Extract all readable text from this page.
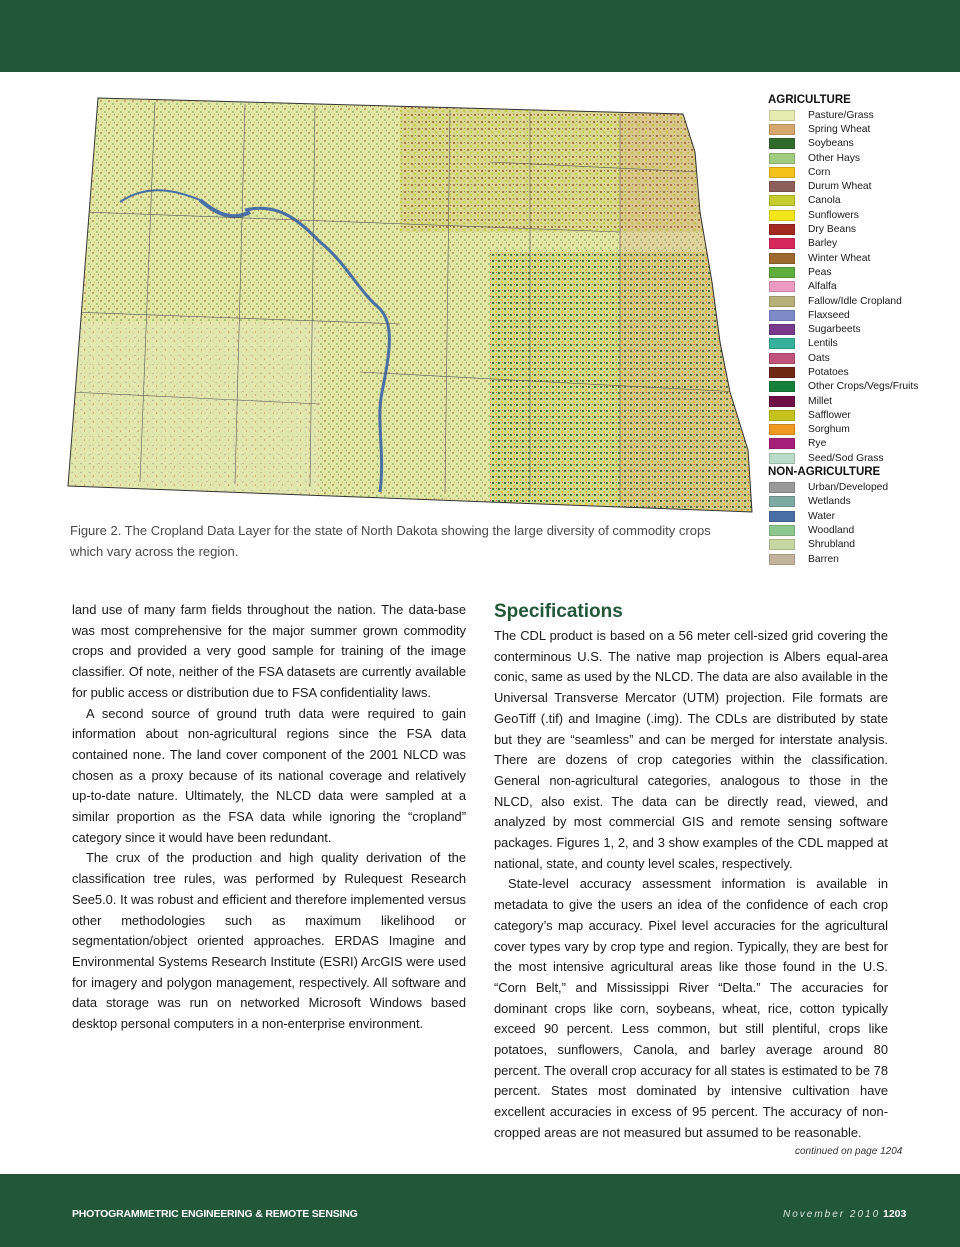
AGRICULTURE
Pasture/Grass
Spring Wheat
Soybeans
Other Hays
Corn
Durum Wheat
Canola
Sunflowers
Dry Beans
Barley
Winter Wheat
Peas
Alfalfa
Fallow/Idle Cropland
Flaxseed
Sugarbeets
Lentils
Oats
Potatoes
Other Crops/Vegs/Fruits
Millet
Safflower
Sorghum
Rye
Seed/Sod Grass
NON-AGRICULTURE
Urban/Developed
Wetlands
Water
Woodland
Shrubland
Barren
Figure 2. The Cropland Data Layer for the state of North Dakota showing the large diversity of commodity crops which vary across the region.

land use of many farm fields throughout the nation. The data-base was most comprehensive for the major summer grown commodity crops and provided a very good sample for training of the image classifier. Of note, neither of the FSA datasets are currently available for public access or distribution due to FSA confidentiality laws.

A second source of ground truth data were required to gain information about non-agricultural regions since the FSA data contained none. The land cover component of the 2001 NLCD was chosen as a proxy because of its national coverage and relatively up-to-date nature. Ultimately, the NLCD data were sampled at a similar proportion as the FSA data while ignoring the “cropland” category since it would have been redundant.

The crux of the production and high quality derivation of the classification tree rules, was performed by Rulequest Research See5.0. It was robust and efficient and therefore implemented versus other methodologies such as maximum likelihood or segmentation/object oriented approaches. ERDAS Imagine and Environmental Systems Research Institute (ESRI) ArcGIS were used for imagery and polygon management, respectively. All software and data storage was run on networked Microsoft Windows based desktop personal computers in a non-enterprise environment.

Specifications

The CDL product is based on a 56 meter cell-sized grid covering the conterminous U.S. The native map projection is Albers equal-area conic, same as used by the NLCD. The data are also available in the Universal Transverse Mercator (UTM) projection. File formats are GeoTiff (.tif) and Imagine (.img). The CDLs are distributed by state but they are “seamless” and can be merged for interstate analysis. There are dozens of crop categories within the classification. General non-agricultural categories, analogous to those in the NLCD, also exist. The data can be directly read, viewed, and analyzed by most commercial GIS and remote sensing software packages. Figures 1, 2, and 3 show examples of the CDL mapped at national, state, and county level scales, respectively.

State-level accuracy assessment information is available in metadata to give the users an idea of the confidence of each crop category’s map accuracy. Pixel level accuracies for the agricultural cover types vary by crop type and region. Typically, they are best for the most intensive agricultural areas like those found in the U.S. “Corn Belt,” and Mississippi River “Delta.” The accuracies for dominant crops like corn, soybeans, wheat, rice, cotton typically exceed 90 percent. Less common, but still plentiful, crops like potatoes, sunflowers, Canola, and barley average around 80 percent. The overall crop accuracy for all states is estimated to be 78 percent. States most dominated by intensive cultivation have excellent accuracies in excess of 95 percent. The accuracy of non-cropped areas are not measured but assumed to be reasonable.

continued on page 1204
PHOTOGRAMMETRIC ENGINEERING & REMOTE SENSING	November 2010 1203
